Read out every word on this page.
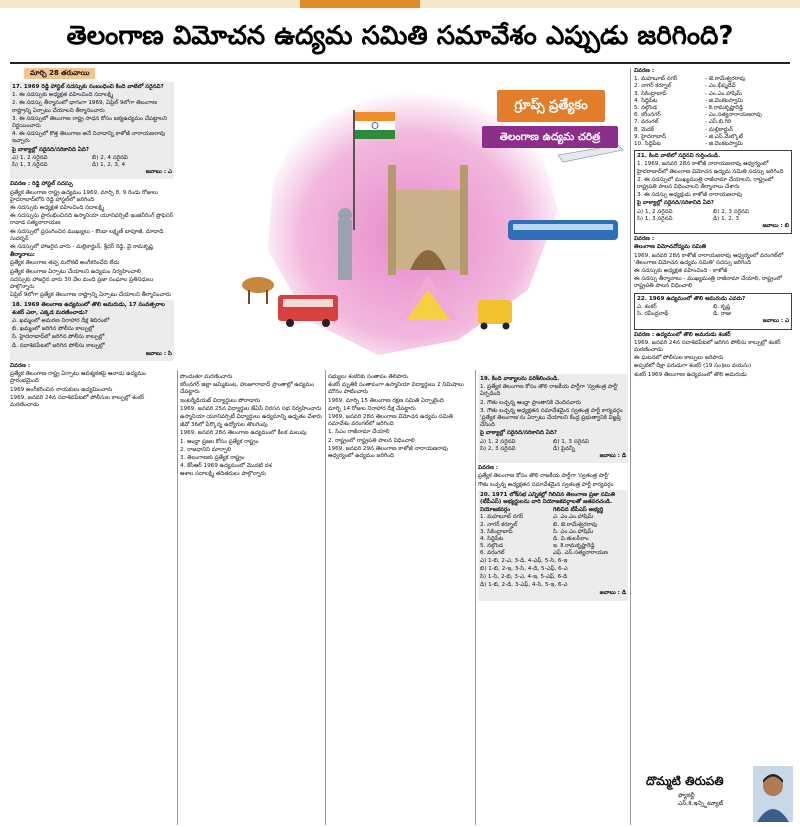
తెలంగాణ విమోచన ఉద్యమ సమితి సమావేశం ఎప్పుడు జరిగింది?
మార్చి 28 తరువాయి

17. 1969 రెడ్డి హాస్టల్ సదస్సుకు సంబంధించి కింది వాటిలో సరైనవి?

1. ఈ సదస్సుకు అధ్యక్షత వహించింది సదాలక్ష్మి

2. ఈ సదస్సు తీర్మానంలో భాగంగా 1969, ఏప్రిల్ 9లోగా తెలంగాణ రాష్ట్రాన్ని ఏర్పాటు చేయాలని తీర్మానించారు

3. ఈ సదస్సులో తెలంగాణ రాష్ట్ర సాధన కోసం ఐక్యఉద్యమం చేపట్టాలని నిర్ణయించారు

4. ఈ సదస్సులో కొత్త తెలంగాణ అనే నినాదాన్ని కాళోజీ నారాయణరావు ఇచ్చారు

పై వాక్యాల్లో సరైనది/సరికానిది ఏది?

ఎ) 1, 2 సరైనవి	బి) 2, 4 సరైనవి
సి) 1, 3 సరైనవి	డి) 1, 2, 3, 4

జవాబు : ఎ

వివరణ : రెడ్డి హాస్టల్ సదస్సు

ప్రత్యేక తెలంగాణ రాష్ట్ర ఉద్యమం 1969, మార్చి 8, 9 రెండు రోజులు హైదరాబాద్‌లోని రెడ్డి హాస్టల్‌లో జరిగింది

ఈ సదస్సుకు అధ్యక్షత వహించింది సదాలక్ష్మి

ఈ సదస్సును ప్రారంభించినది ఉస్మానియా యూనివర్సిటీ ఇంజినీరింగ్ ప్రొఫెసర్ రావాడ సత్యనారాయణ

ఈ సదస్సులో ప్రసంగించిన ముఖ్యులు - కొండా లక్ష్మణ్ బాపూజీ, మాదాడి సుదర్శన్

ఈ సదస్సులో హాజరైన వారు - మల్లికార్జున్, శ్రీధర్ రెడ్డి, వై.రామకృష్ణ

తీర్మానాలు:

ప్రత్యేక తెలంగాణ తప్ప మరొకటి అంగీకరించేది లేదు

ప్రత్యేక తెలంగాణ ఏర్పాటు చేయాలని ఉద్యమం నిర్వహించాలి

సదస్సుకు హాజరైన వారు 30 వేల మంది ప్రజా సంఘాల ప్రతినిధులు పాల్గొన్నారు

ఏప్రిల్ 9లోగా ప్రత్యేక తెలంగాణ రాష్ట్రాన్ని ఏర్పాటు చేయాలని తీర్మానించారు

18. 1969 తెలంగాణ ఉద్యమంలో తొలి అమరుడు, 17 సంవత్సరాల శంకర్ ఎలా, ఎక్కడ మరణించాడు?

ఎ. ఖమ్మంలో అమరణ నిరాహార దీక్ష శిబిరంలో

బి. ఖమ్మంలో జరిగిన పోలీసు కాల్పుల్లో

సి. హైదరాబాద్‌లో జరిగిన పోలీసు కాల్పుల్లో

డి. సదాశివపేటలో జరిగిన పోలీసు కాల్పుల్లో

జవాబు : సి

వివరణ :

ప్రత్యేక తెలంగాణ రాష్ట్ర ఏర్పాటు ఆవశ్యకతపై ఆనాడు ఉద్యమం ప్రారంభమైంది

1969 అంగీకరించిన నాయకులు ఉద్యమించారు

1969, జనవరి 24న సదాశివపేటలో పోలీసుల కాల్పుల్లో శంకర్ మరణించాడు

గ్రూప్స్ ప్రత్యేకం
తెలంగాణ ఉద్యమ చరిత్ర

పొందుతూ మరణించారు

కరీంనగర్ జిల్లా జమ్మికుంట, హుజూరాబాద్ ప్రాంతాల్లో ఉద్యమం చేపట్టారు

ఇంటర్మీడియట్ విద్యార్థులు పోరాడారు

1969, జనవరి 25న విద్యార్థుల జేఏసీ నిరసన సభ నిర్వహించారు

ఉస్మానియా యూనివర్సిటీ విద్యార్థులు ఉద్యమాన్ని ఉధృతం చేశారు

జీవో 36లో పేర్కొన్న ఉద్యోగుల తొలగింపు

1969, జనవరి 28న తెలంగాణ ఉద్యమంలో కీలక మలుపు

1. ఆంధ్రా ప్రజల కోసం ప్రత్యేక రాష్ట్రం

2. రాజధానిని మార్చాలి

3. తెలంగాణకు ప్రత్యేక రాష్ట్రం

4. కేసీఆర్ 1969 ఉద్యమంలో మొదటి దశ

ఆశాల సదాలక్ష్మి తదితరులు పాల్గొన్నారు

సభ్యులు శంకర్‌కు సంతాపం తెలిపారు

శంకర్ మృతికి సంతాపంగా ఉస్మానియా విద్యార్థులు 2 నిమిషాలు మౌనం పాటించారు

1969, మార్చి 15 తెలంగాణ రక్షణ సమితి ఏర్పాటైంది

మార్చి 14 రోజుల నిరాహార దీక్ష చేపట్టారు

1969, జనవరి 28న తెలంగాణ విమోచన ఉద్యమ సమితి సమావేశం వరంగల్‌లో జరిగింది

1. సిఎం రాజీనామా చేయాలి

2. రాష్ట్రంలో రాష్ట్రపతి పాలన విధించాలి

1969, జనవరి 29న తెలంగాణ కాళోజీ నారాయణరావు ఆధ్వర్యంలో ఉద్యమం జరిగింది

19. కింది వాక్యాలను పరిశీలించండి.

1. ప్రత్యేక తెలంగాణ కోసం తొలి రాజకీయ పార్టీగా 'స్వతంత్ర పార్టీ' ఏర్పడింది

2. గౌతు లచ్చన్న ఆంధ్రా ప్రాంతానికి చెందినవారు

3. గౌతు లచ్చన్న అధ్యక్షతన సమావేశమైన స్వతంత్ర పార్టీ కార్యవర్గం 'ప్రత్యేక తెలంగాణ'ను ఏర్పాటు చేయాలని కేంద్ర ప్రభుత్వానికి విజ్ఞప్తి చేసింది

పై వాక్యాల్లో సరైనది/సరికానిది ఏది?

ఎ) 1, 2 సరైనవి	బి) 1, 3 సరైనవి
సి) 2, 3 సరైనవి	డి) పైవన్నీ

జవాబు : డి

వివరణ :

ప్రత్యేక తెలంగాణ కోసం తొలి రాజకీయ పార్టీగా 'స్వతంత్ర పార్టీ'

గౌతు లచ్చన్న అధ్యక్షతన సమావేశమైన స్వతంత్ర పార్టీ కార్యవర్గం

20. 1971 లోక్‌సభ ఎన్నికల్లో గెలిచిన తెలంగాణ ప్రజా సమితి (టీపీఎస్) అభ్యర్థులను వారి నియోజకవర్గాలతో జతపరచండి.

నియోజకవర్గం	గెలిచిన టీపీఎస్ అభ్యర్థి
1. మహబూబ్ నగర్	ఎ. ఎం.ఎం.హాషిమ్
2. నాగర్ కర్నూల్	బి. జె.రామేశ్వరరావు
3. సికింద్రాబాద్	సి. ఎం.ఎం.హాషిమ్
4. సిద్దిపేట	డి. వి.తులసీరాం
5. నల్గొండ	ఇ. కె.రామకృష్ణారెడ్డి
6. వరంగల్	ఎఫ్. ఎస్.సత్యనారాయణ

ఎ) 1-బి, 2-ఎ, 3-డి, 4-ఎఫ్, 5-సి, 6-ఇ

బి) 1-బి, 2-ఇ, 3-సి, 4-డి, 5-ఎఫ్, 6-ఎ

సి) 1-సి, 2-బి, 3-ఎ, 4-ఇ, 5-ఎఫ్, 6-డి

డి) 1-బి, 2-డి, 3-ఎఫ్, 4-సి, 5-ఇ, 6-ఎ

జవాబు : డి

వివరణ :

1. మహబూబ్ నగర్	- జె.రామేశ్వరరావు
2. నాగర్ కర్నూల్	- ఎం.భీష్మదేవ్
3. సికింద్రాబాద్	- ఎం.ఎం.హాషిమ్
4. సిద్దిపేట	- జి.వెంకటస్వామి
5. నల్గొండ	- కె.రామకృష్ణారెడ్డి
6. కరీంనగర్	- ఎం.సత్యనారాయణరావు
7. వరంగల్	- ఎస్.బి.గిరి
8. మెదక్	- మల్లికార్జున్
9. హైదరాబాద్	- జి.ఎస్.మేల్కొటే
10. సిద్దిపేట	- జి.వెంకటస్వామి

21. కింది వాటిలో సరైనవి గుర్తించండి.

1. 1969, జనవరి 28న కాళోజీ నారాయణరావు ఆధ్వర్యంలో హైదరాబాద్‌లో తెలంగాణ విమోచన ఉద్యమ సమితి సదస్సు జరిగింది

2. ఈ సదస్సులో ముఖ్యమంత్రి రాజీనామా చేయాలని, రాష్ట్రంలో రాష్ట్రపతి పాలన విధించాలని తీర్మానాలు చేశారు

3. ఈ సదస్సు అధ్యక్షుడు కాళోజీ నారాయణరావు

పై వాక్యాల్లో సరైనది/సరికానిది ఏది?

ఎ) 1, 2 సరైనవి	బి) 2, 3 సరైనవి
సి) 1, 3 సరైనవి	డి) 1, 2, 3

జవాబు : బి

వివరణ :

తెలంగాణ విమోచనోద్యమ సమితి

1969, జనవరి 28న కాళోజీ నారాయణరావు ఆధ్వర్యంలో వరంగల్‌లో 'తెలంగాణ విమోచన ఉద్యమ సమితి' సదస్సు జరిగింది

ఈ సదస్సుకు అధ్యక్షత వహించింది - కాళోజీ

ఈ సదస్సు తీర్మానాలు - ముఖ్యమంత్రి రాజీనామా చేయాలి, రాష్ట్రంలో రాష్ట్రపతి పాలన విధించాలి

22. 1969 ఉద్యమంలో తొలి అమరుడు ఎవరు?

ఎ. శంకర్	బి. కృష్ణ
సి. రవీంద్రనాథ్	డి. రాజు

జవాబు : ఎ

వివరణ : ఉద్యమంలో తొలి అమరుడు శంకర్

1969, జనవరి 24న సదాశివపేటలో జరిగిన పోలీసు కాల్పుల్లో శంకర్ మరణించాడు

ఈ ఘటనలో పోలీసుల కాల్పులు జరిపారు

అప్పటిలో దీక్షా పరుడుగా శంకర్ (19 సం॥లు వయసు)

శంకర్ 1969 తెలంగాణ ఉద్యమంలో తొలి అమరుడు

దొమ్మటి తిరుపతి
ఫ్యాకల్టీ
ఎస్.కె.ఇన్స్టిట్యూట్
